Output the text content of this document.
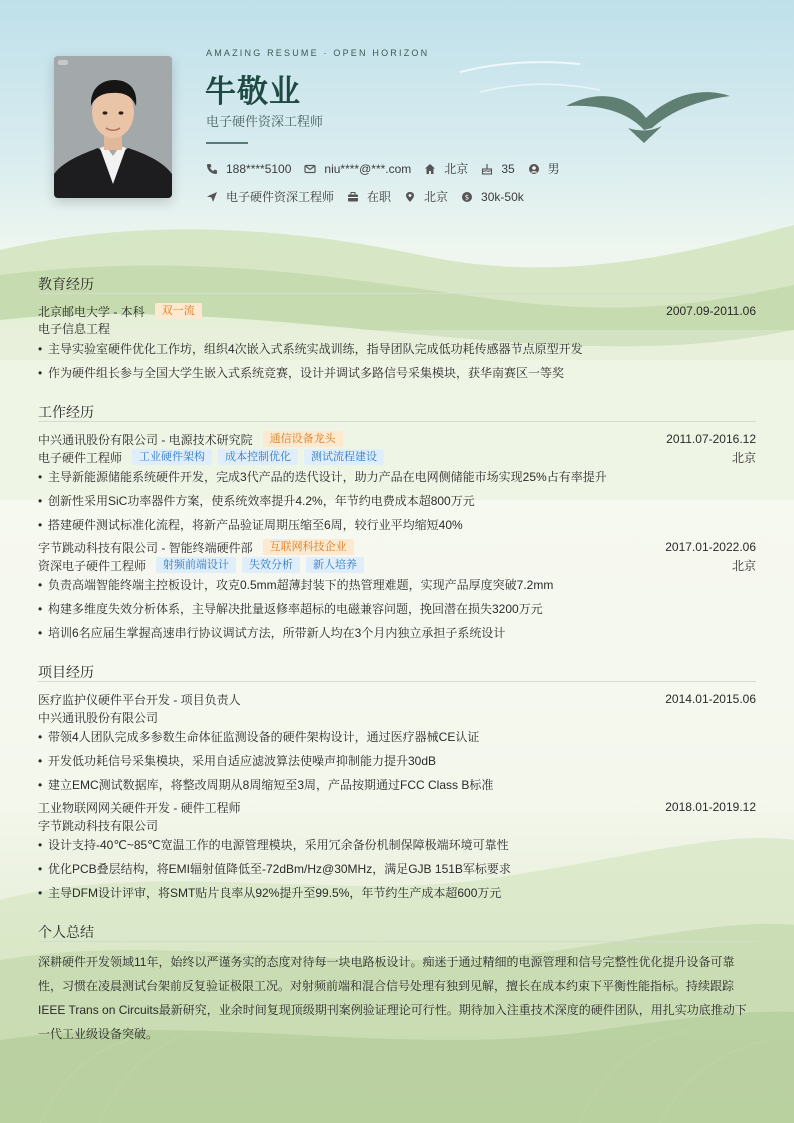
AMAZING RESUME · OPEN HORIZON
牛敬业
电子硬件资深工程师
188****5100	niu****@***.com	北京	35	男
电子硬件资深工程师	在职	北京 $ 30k-50k
教育经历
北京邮电大学 - 本科	双一流	2007.09-2011.06
电子信息工程
• 主导实验室硬件优化工作坊，组织4次嵌入式系统实战训练，指导团队完成低功耗传感器节点原型开发
• 作为硬件组长参与全国大学生嵌入式系统竞赛，设计并调试多路信号采集模块，获华南赛区一等奖
工作经历
中兴通讯股份有限公司 - 电源技术研究院	通信设备龙头	2011.07-2016.12
电子硬件工程师	工业硬件架构	成本控制优化	测试流程建设	北京
• 主导新能源储能系统硬件开发，完成3代产品的迭代设计，助力产品在电网侧储能市场实现25%占有率提升
• 创新性采用SiC功率器件方案，使系统效率提升4.2%，年节约电费成本超800万元
• 搭建硬件测试标准化流程，将新产品验证周期压缩至6周，较行业平均缩短40%
字节跳动科技有限公司 - 智能终端硬件部	互联网科技企业	2017.01-2022.06
资深电子硬件工程师	射频前端设计	失效分析	新人培养	北京
• 负责高端智能终端主控板设计，攻克0.5mm超薄封装下的热管理难题，实现产品厚度突破7.2mm
• 构建多维度失效分析体系，主导解决批量返修率超标的电磁兼容问题，挽回潜在损失3200万元
• 培训6名应届生掌握高速串行协议调试方法，所带新人均在3个月内独立承担子系统设计
项目经历
医疗监护仪硬件平台开发 - 项目负责人	2014.01-2015.06
中兴通讯股份有限公司
• 带领4人团队完成多参数生命体征监测设备的硬件架构设计，通过医疗器械CE认证
• 开发低功耗信号采集模块，采用自适应滤波算法使噪声抑制能力提升30dB
• 建立EMC测试数据库，将整改周期从8周缩短至3周，产品按期通过FCC Class B标准
工业物联网网关硬件开发 - 硬件工程师	2018.01-2019.12
字节跳动科技有限公司
• 设计支持-40℃~85℃宽温工作的电源管理模块，采用冗余备份机制保障极端环境可靠性
• 优化PCB叠层结构，将EMI辐射值降低至-72dBm/Hz@30MHz，满足GJB 151B军标要求
• 主导DFM设计评审，将SMT贴片良率从92%提升至99.5%，年节约生产成本超600万元
个人总结
深耕硬件开发领域11年，始终以严谨务实的态度对待每一块电路板设计。痴迷于通过精细的电源管理和信号完整性优化提升设备可靠性，习惯在凌晨测试台架前反复验证极限工况。对射频前端和混合信号处理有独到见解，擅长在成本约束下平衡性能指标。持续跟踪IEEE Trans on Circuits最新研究，业余时间复现顶级期刊案例验证理论可行性。期待加入注重技术深度的硬件团队，用扎实功底推动下一代工业级设备突破。
